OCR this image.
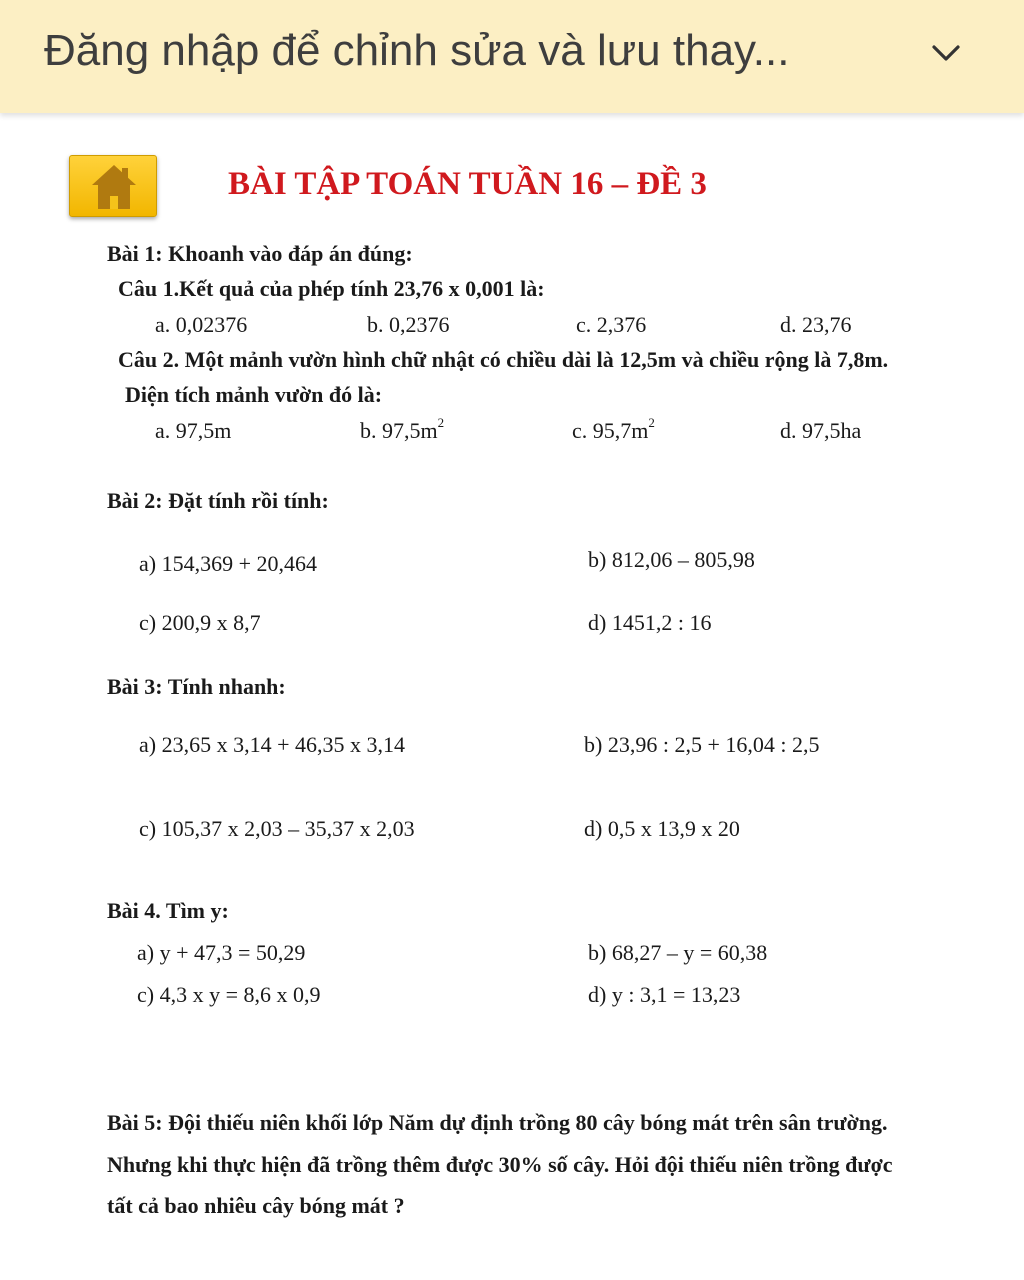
Đăng nhập để chỉnh sửa và lưu thay...
BÀI TẬP TOÁN TUẦN 16 – ĐỀ 3
Bài 1: Khoanh vào đáp án đúng:
Câu 1.Kết quả của phép tính 23,76 x 0,001 là:
a. 0,02376	b. 0,2376	c. 2,376	d. 23,76
Câu 2. Một mảnh vườn hình chữ nhật có chiều dài là 12,5m và chiều rộng là 7,8m.
Diện tích mảnh vườn đó là:
a. 97,5m	b. $97,5m^2$	c. $95,7m^2$	d. 97,5ha
Bài 2: Đặt tính rồi tính:
a) 154,369 + 20,464	b) 812,06 – 805,98
c) 200,9 x 8,7	d) 1451,2 : 16
Bài 3: Tính nhanh:
a) 23,65 x 3,14 + 46,35 x 3,14	b) 23,96 : 2,5 + 16,04 : 2,5
c) 105,37 x 2,03 – 35,37 x 2,03	d) 0,5 x 13,9 x 20
Bài 4. Tìm y:
a) y + 47,3 = 50,29	b) 68,27 – y = 60,38
c) 4,3 x y = 8,6 x 0,9	d) y : 3,1 = 13,23
Bài 5: Đội thiếu niên khối lớp Năm dự định trồng 80 cây bóng mát trên sân trường.
Nhưng khi thực hiện đã trồng thêm được 30% số cây. Hỏi đội thiếu niên trồng được
tất cả bao nhiêu cây bóng mát ?
